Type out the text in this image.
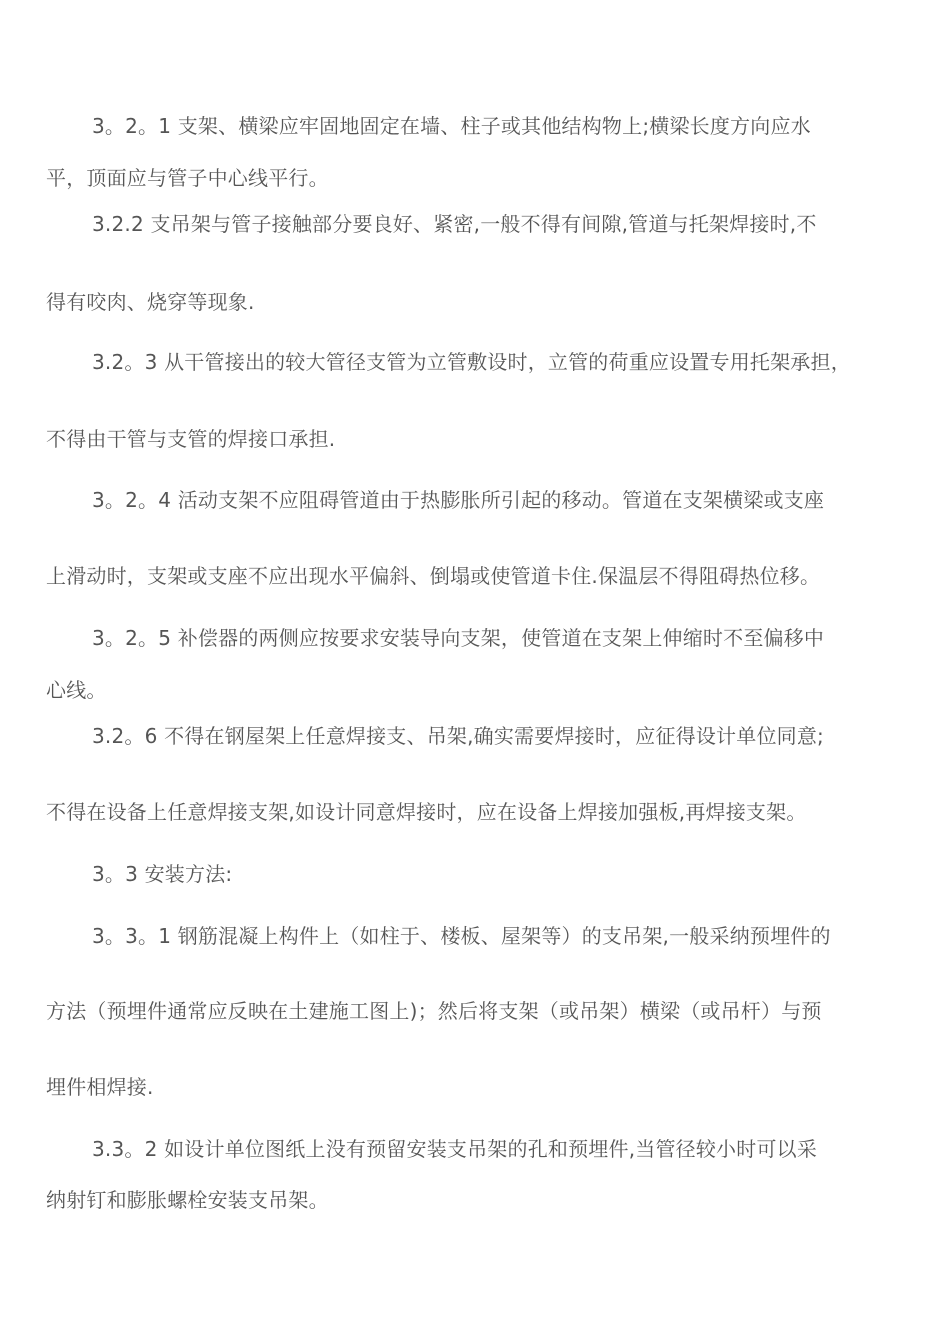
3。2。1 支架、横梁应牢固地固定在墙、柱子或其他结构物上;横梁长度方向应水
平，顶面应与管子中心线平行。

3.2.2 支吊架与管子接触部分要良好、紧密,一般不得有间隙,管道与托架焊接时,不
得有咬肉、烧穿等现象.

3.2。3 从干管接出的较大管径支管为立管敷设时，立管的荷重应设置专用托架承担，
不得由干管与支管的焊接口承担.

3。2。4 活动支架不应阻碍管道由于热膨胀所引起的移动。管道在支架横梁或支座
上滑动时，支架或支座不应出现水平偏斜、倒塌或使管道卡住.保温层不得阻碍热位移。

3。2。5 补偿器的两侧应按要求安装导向支架，使管道在支架上伸缩时不至偏移中
心线。

3.2。6 不得在钢屋架上任意焊接支、吊架,确实需要焊接时，应征得设计单位同意;
不得在设备上任意焊接支架,如设计同意焊接时，应在设备上焊接加强板,再焊接支架。

3。3 安装方法:

3。3。1 钢筋混凝上构件上（如柱于、楼板、屋架等）的支吊架,一般采纳预埋件的
方法（预埋件通常应反映在土建施工图上)；然后将支架（或吊架）横梁（或吊杆）与预
埋件相焊接.

3.3。2 如设计单位图纸上没有预留安装支吊架的孔和预埋件,当管径较小时可以采
纳射钉和膨胀螺栓安装支吊架。
